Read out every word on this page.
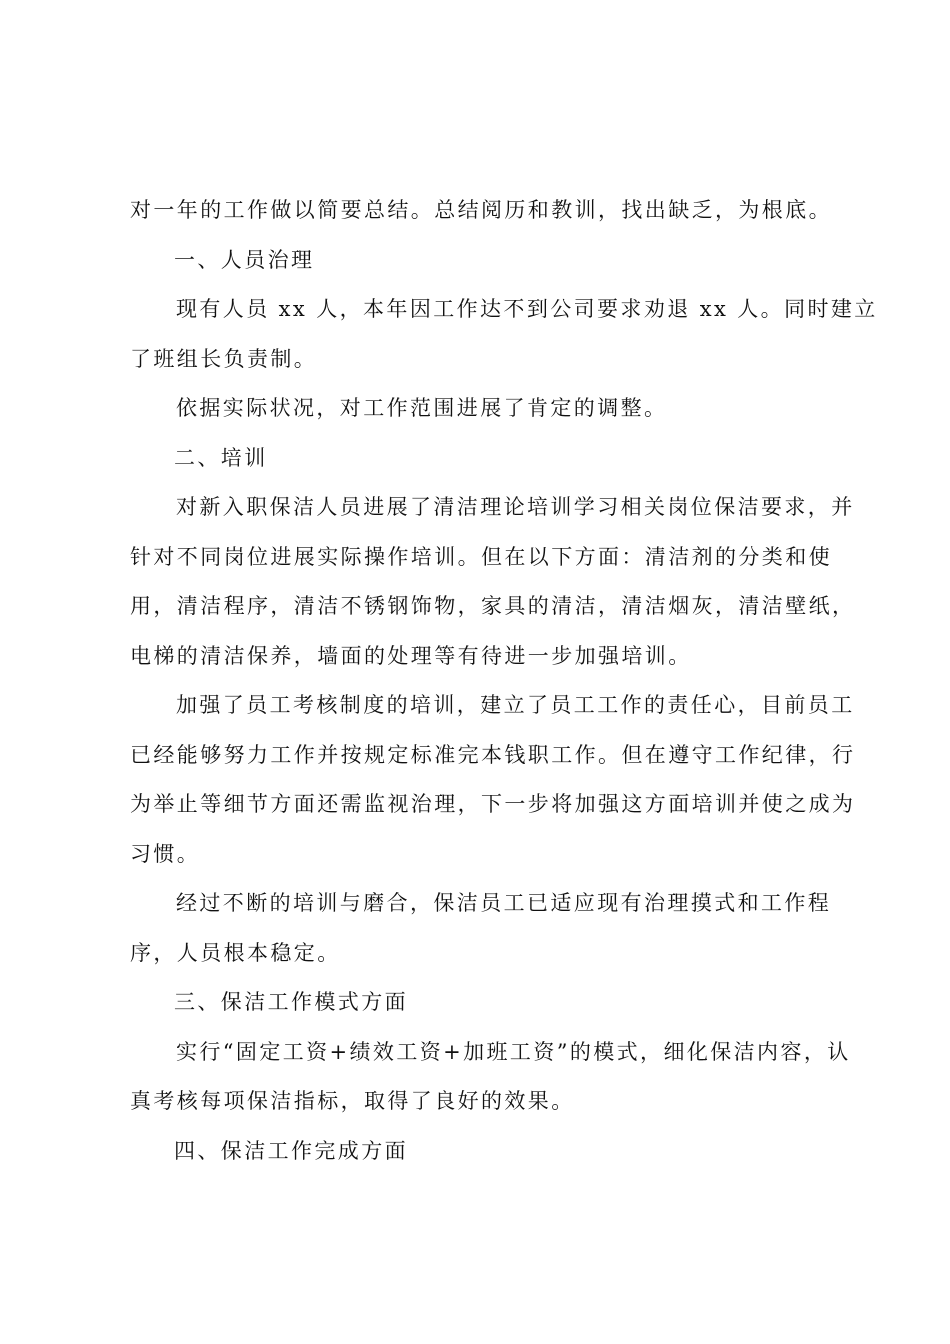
对一年的工作做以简要总结。总结阅历和教训，找出缺乏，为根底。
一、人员治理
现有人员 xx 人，本年因工作达不到公司要求劝退 xx 人。同时建立
了班组长负责制。
依据实际状况，对工作范围进展了肯定的调整。
二、培训
对新入职保洁人员进展了清洁理论培训学习相关岗位保洁要求，并
针对不同岗位进展实际操作培训。但在以下方面：清洁剂的分类和使
用，清洁程序，清洁不锈钢饰物，家具的清洁，清洁烟灰，清洁壁纸，
电梯的清洁保养，墙面的处理等有待进一步加强培训。
加强了员工考核制度的培训，建立了员工工作的责任心，目前员工
已经能够努力工作并按规定标准完本钱职工作。但在遵守工作纪律，行
为举止等细节方面还需监视治理，下一步将加强这方面培训并使之成为
习惯。
经过不断的培训与磨合，保洁员工已适应现有治理摸式和工作程
序，人员根本稳定。
三、保洁工作模式方面
实行“固定工资+绩效工资+加班工资”的模式，细化保洁内容，认
真考核每项保洁指标，取得了良好的效果。
四、保洁工作完成方面
